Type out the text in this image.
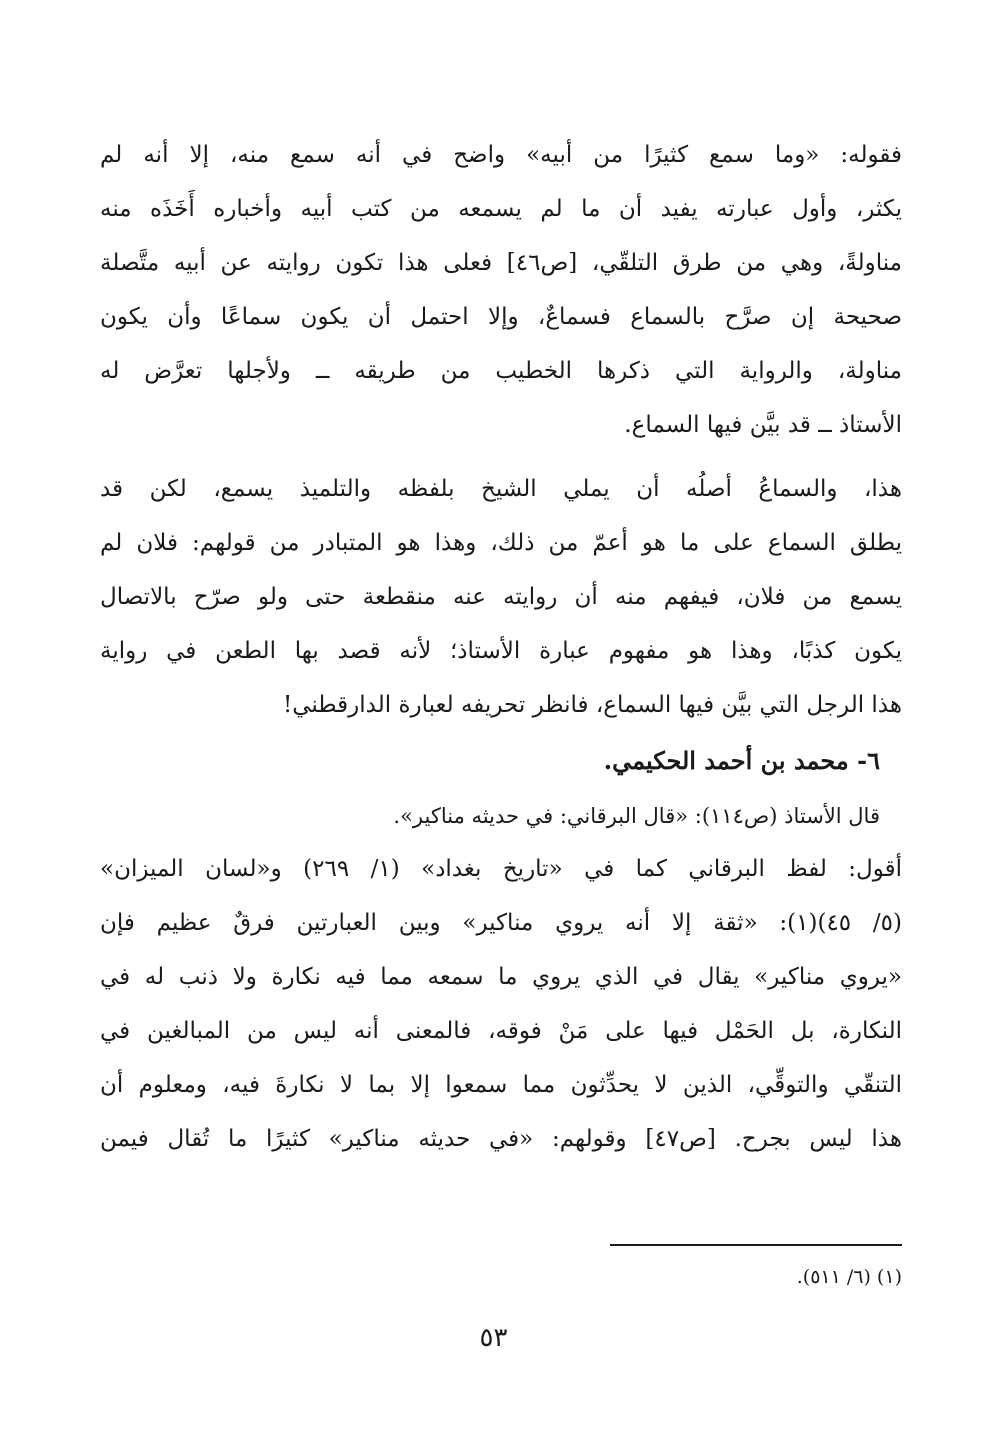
فقوله: «وما سمع كثيرًا من أبيه» واضح في أنه سمع منه، إلا أنه لم
يكثر، وأول عبارته يفيد أن ما لم يسمعه من كتب أبيه وأخباره أَخَذَه منه
مناولةً، وهي من طرق التلقّي، [ص٤٦] فعلى هذا تكون روايته عن أبيه متَّصلة
صحيحة إن صرَّح بالسماع فسماعٌ، وإلا احتمل أن يكون سماعًا وأن يكون
مناولة، والرواية التي ذكرها الخطيب من طريقه ــ ولأجلها تعرَّض له
الأستاذ ــ قد بيَّن فيها السماع.
هذا، والسماعُ أصلُه أن يملي الشيخ بلفظه والتلميذ يسمع، لكن قد
يطلق السماع على ما هو أعمّ من ذلك، وهذا هو المتبادر من قولهم: فلان لم
يسمع من فلان، فيفهم منه أن روايته عنه منقطعة حتى ولو صرّح بالاتصال
يكون كذبًا، وهذا هو مفهوم عبارة الأستاذ؛ لأنه قصد بها الطعن في رواية
هذا الرجل التي بيَّن فيها السماع، فانظر تحريفه لعبارة الدارقطني!
٦- محمد بن أحمد الحكيمي.
قال الأستاذ (ص١١٤): «قال البرقاني: في حديثه مناكير».
أقول: لفظ البرقاني كما في «تاريخ بغداد» (١/ ٢٦٩) و«لسان الميزان»
(٥/ ٤٥)(١): «ثقة إلا أنه يروي مناكير» وبين العبارتين فرقٌ عظيم فإن
«يروي مناكير» يقال في الذي يروي ما سمعه مما فيه نكارة ولا ذنب له في
النكارة، بل الحَمْل فيها على مَنْ فوقه، فالمعنى أنه ليس من المبالغين في
التنقّي والتوقِّي، الذين لا يحدِّثون مما سمعوا إلا بما لا نكارةَ فيه، ومعلوم أن
هذا ليس بجرح. [ص٤٧] وقولهم: «في حديثه مناكير» كثيرًا ما تُقال فيمن
(١) (٦/ ٥١١).
٥٣
